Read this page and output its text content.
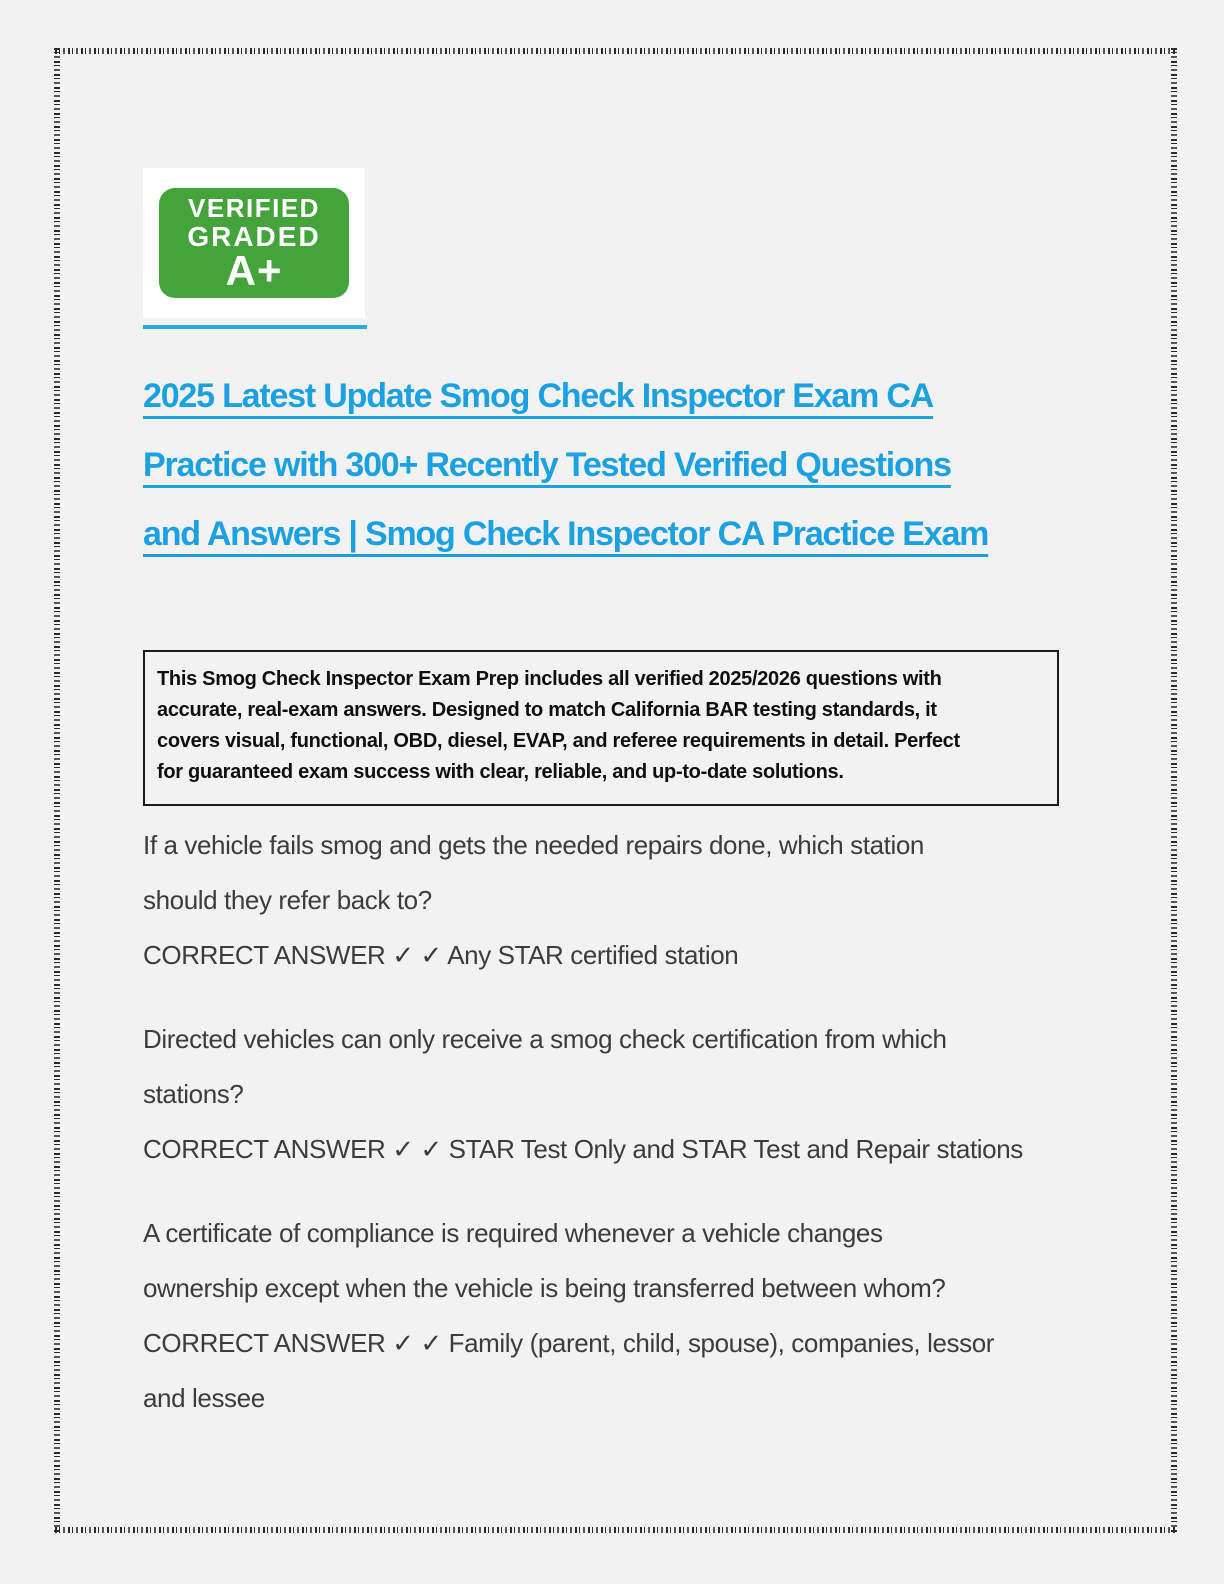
VERIFIED
GRADED
A+
2025 Latest Update Smog Check Inspector Exam CA
Practice with 300+ Recently Tested Verified Questions
and Answers | Smog Check Inspector CA Practice Exam
This Smog Check Inspector Exam Prep includes all verified 2025/2026 questions with
accurate, real-exam answers. Designed to match California BAR testing standards, it
covers visual, functional, OBD, diesel, EVAP, and referee requirements in detail. Perfect
for guaranteed exam success with clear, reliable, and up-to-date solutions.
If a vehicle fails smog and gets the needed repairs done, which station
should they refer back to?
CORRECT ANSWER ✓ ✓ Any STAR certified station
Directed vehicles can only receive a smog check certification from which
stations?
CORRECT ANSWER ✓ ✓ STAR Test Only and STAR Test and Repair stations
A certificate of compliance is required whenever a vehicle changes
ownership except when the vehicle is being transferred between whom?
CORRECT ANSWER ✓ ✓ Family (parent, child, spouse), companies, lessor
and lessee
